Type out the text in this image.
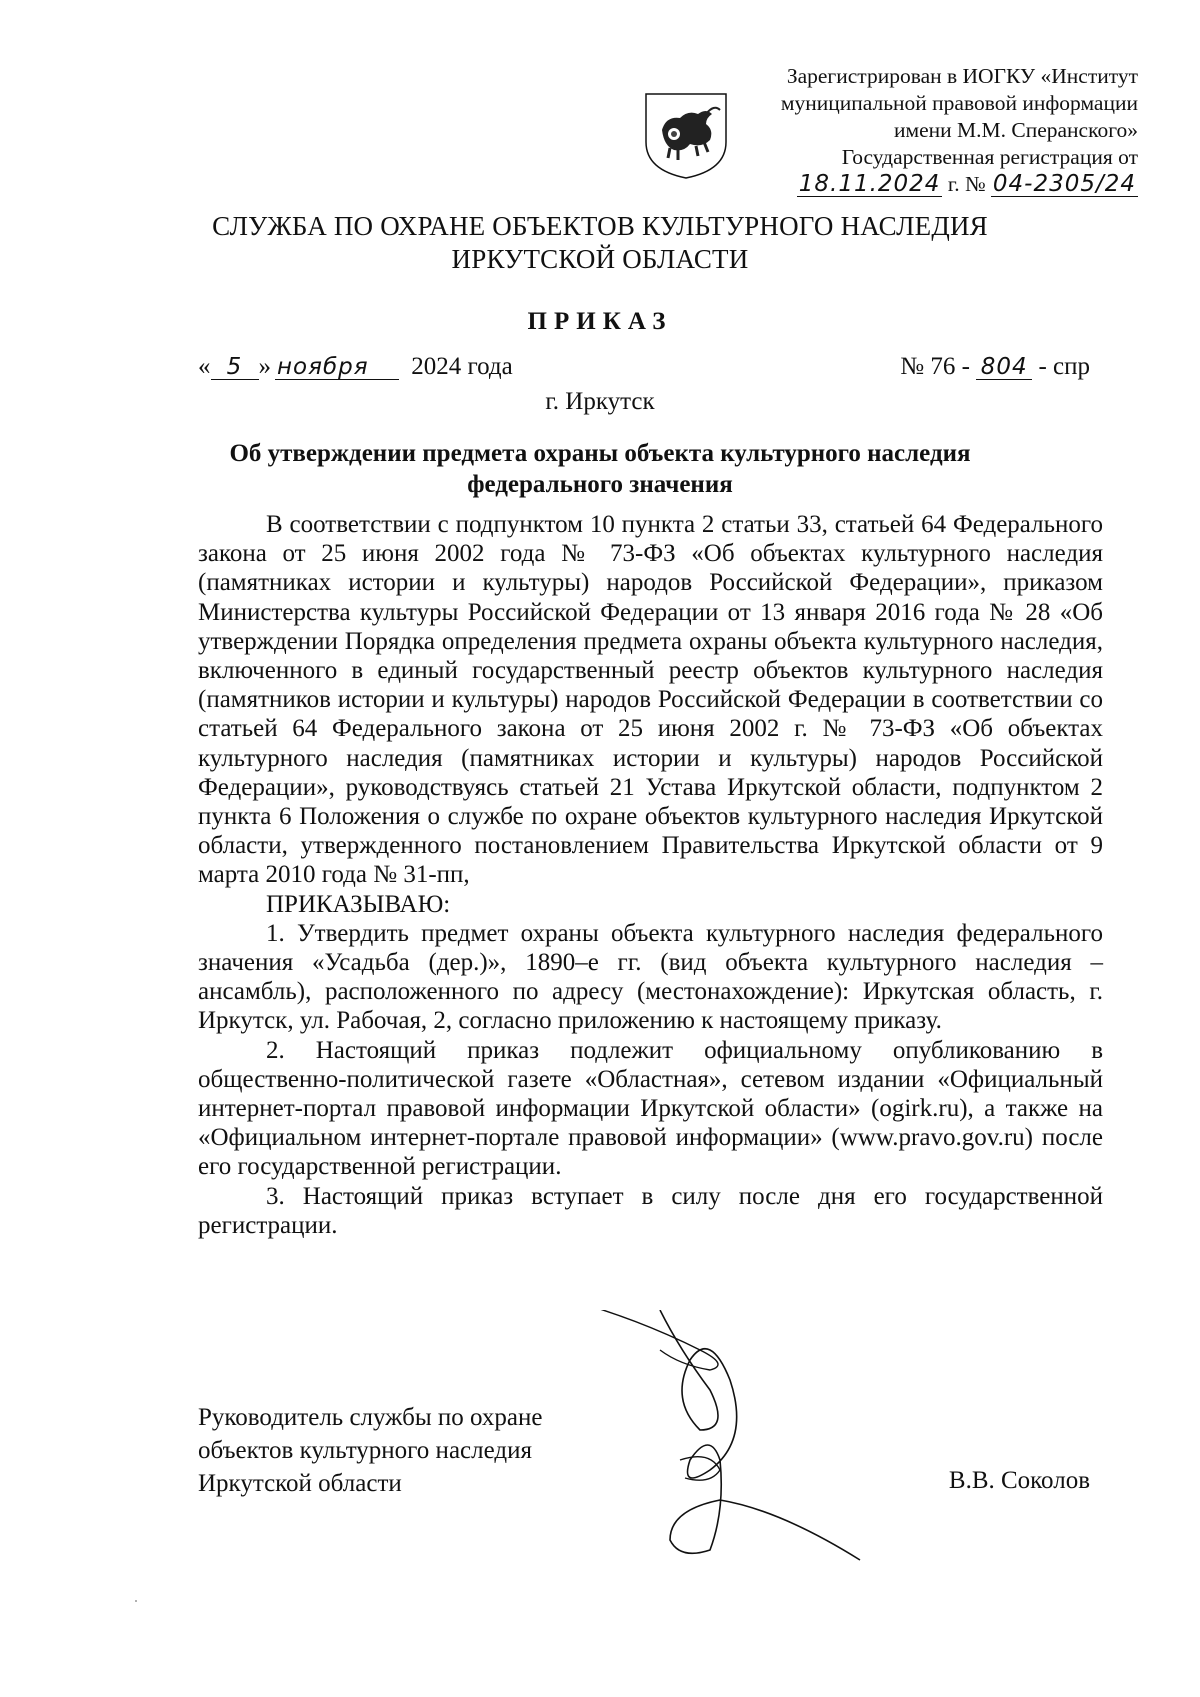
Зарегистрирован в ИОГКУ «Институт
муниципальной правовой информации
имени М.М. Сперанского»
Государственная регистрация от
18.11.2024 г. № 04-2305/24
СЛУЖБА ПО ОХРАНЕ ОБЪЕКТОВ КУЛЬТУРНОГО НАСЛЕДИЯ
ИРКУТСКОЙ ОБЛАСТИ
ПРИКАЗ
« 5 » ноября 2024 года	№ 76 - 804 - спр
г. Иркутск
Об утверждении предмета охраны объекта культурного наследия
федерального значения

В соответствии с подпунктом 10 пункта 2 статьи 33, статьей 64 Федерального закона от 25 июня 2002 года № 73-ФЗ «Об объектах культурного наследия (памятниках истории и культуры) народов Российской Федерации», приказом Министерства культуры Российской Федерации от 13 января 2016 года № 28 «Об утверждении Порядка определения предмета охраны объекта культурного наследия, включенного в единый государственный реестр объектов культурного наследия (памятников истории и культуры) народов Российской Федерации в соответствии со статьей 64 Федерального закона от 25 июня 2002 г. № 73-ФЗ «Об объектах культурного наследия (памятниках истории и культуры) народов Российской Федерации», руководствуясь статьей 21 Устава Иркутской области, подпунктом 2 пункта 6 Положения о службе по охране объектов культурного наследия Иркутской области, утвержденного постановлением Правительства Иркутской области от 9 марта 2010 года № 31-пп,

ПРИКАЗЫВАЮ:

1. Утвердить предмет охраны объекта культурного наследия федерального значения «Усадьба (дер.)», 1890–е гг. (вид объекта культурного наследия – ансамбль), расположенного по адресу (местонахождение): Иркутская область, г. Иркутск, ул. Рабочая, 2, согласно приложению к настоящему приказу.

2. Настоящий приказ подлежит официальному опубликованию в общественно-политической газете «Областная», сетевом издании «Официальный интернет-портал правовой информации Иркутской области» (ogirk.ru), а также на «Официальном интернет-портале правовой информации» (www.pravo.gov.ru) после его государственной регистрации.

3. Настоящий приказ вступает в силу после дня его государственной регистрации.

Руководитель службы по охране
объектов культурного наследия
Иркутской области	В.В. Соколов
